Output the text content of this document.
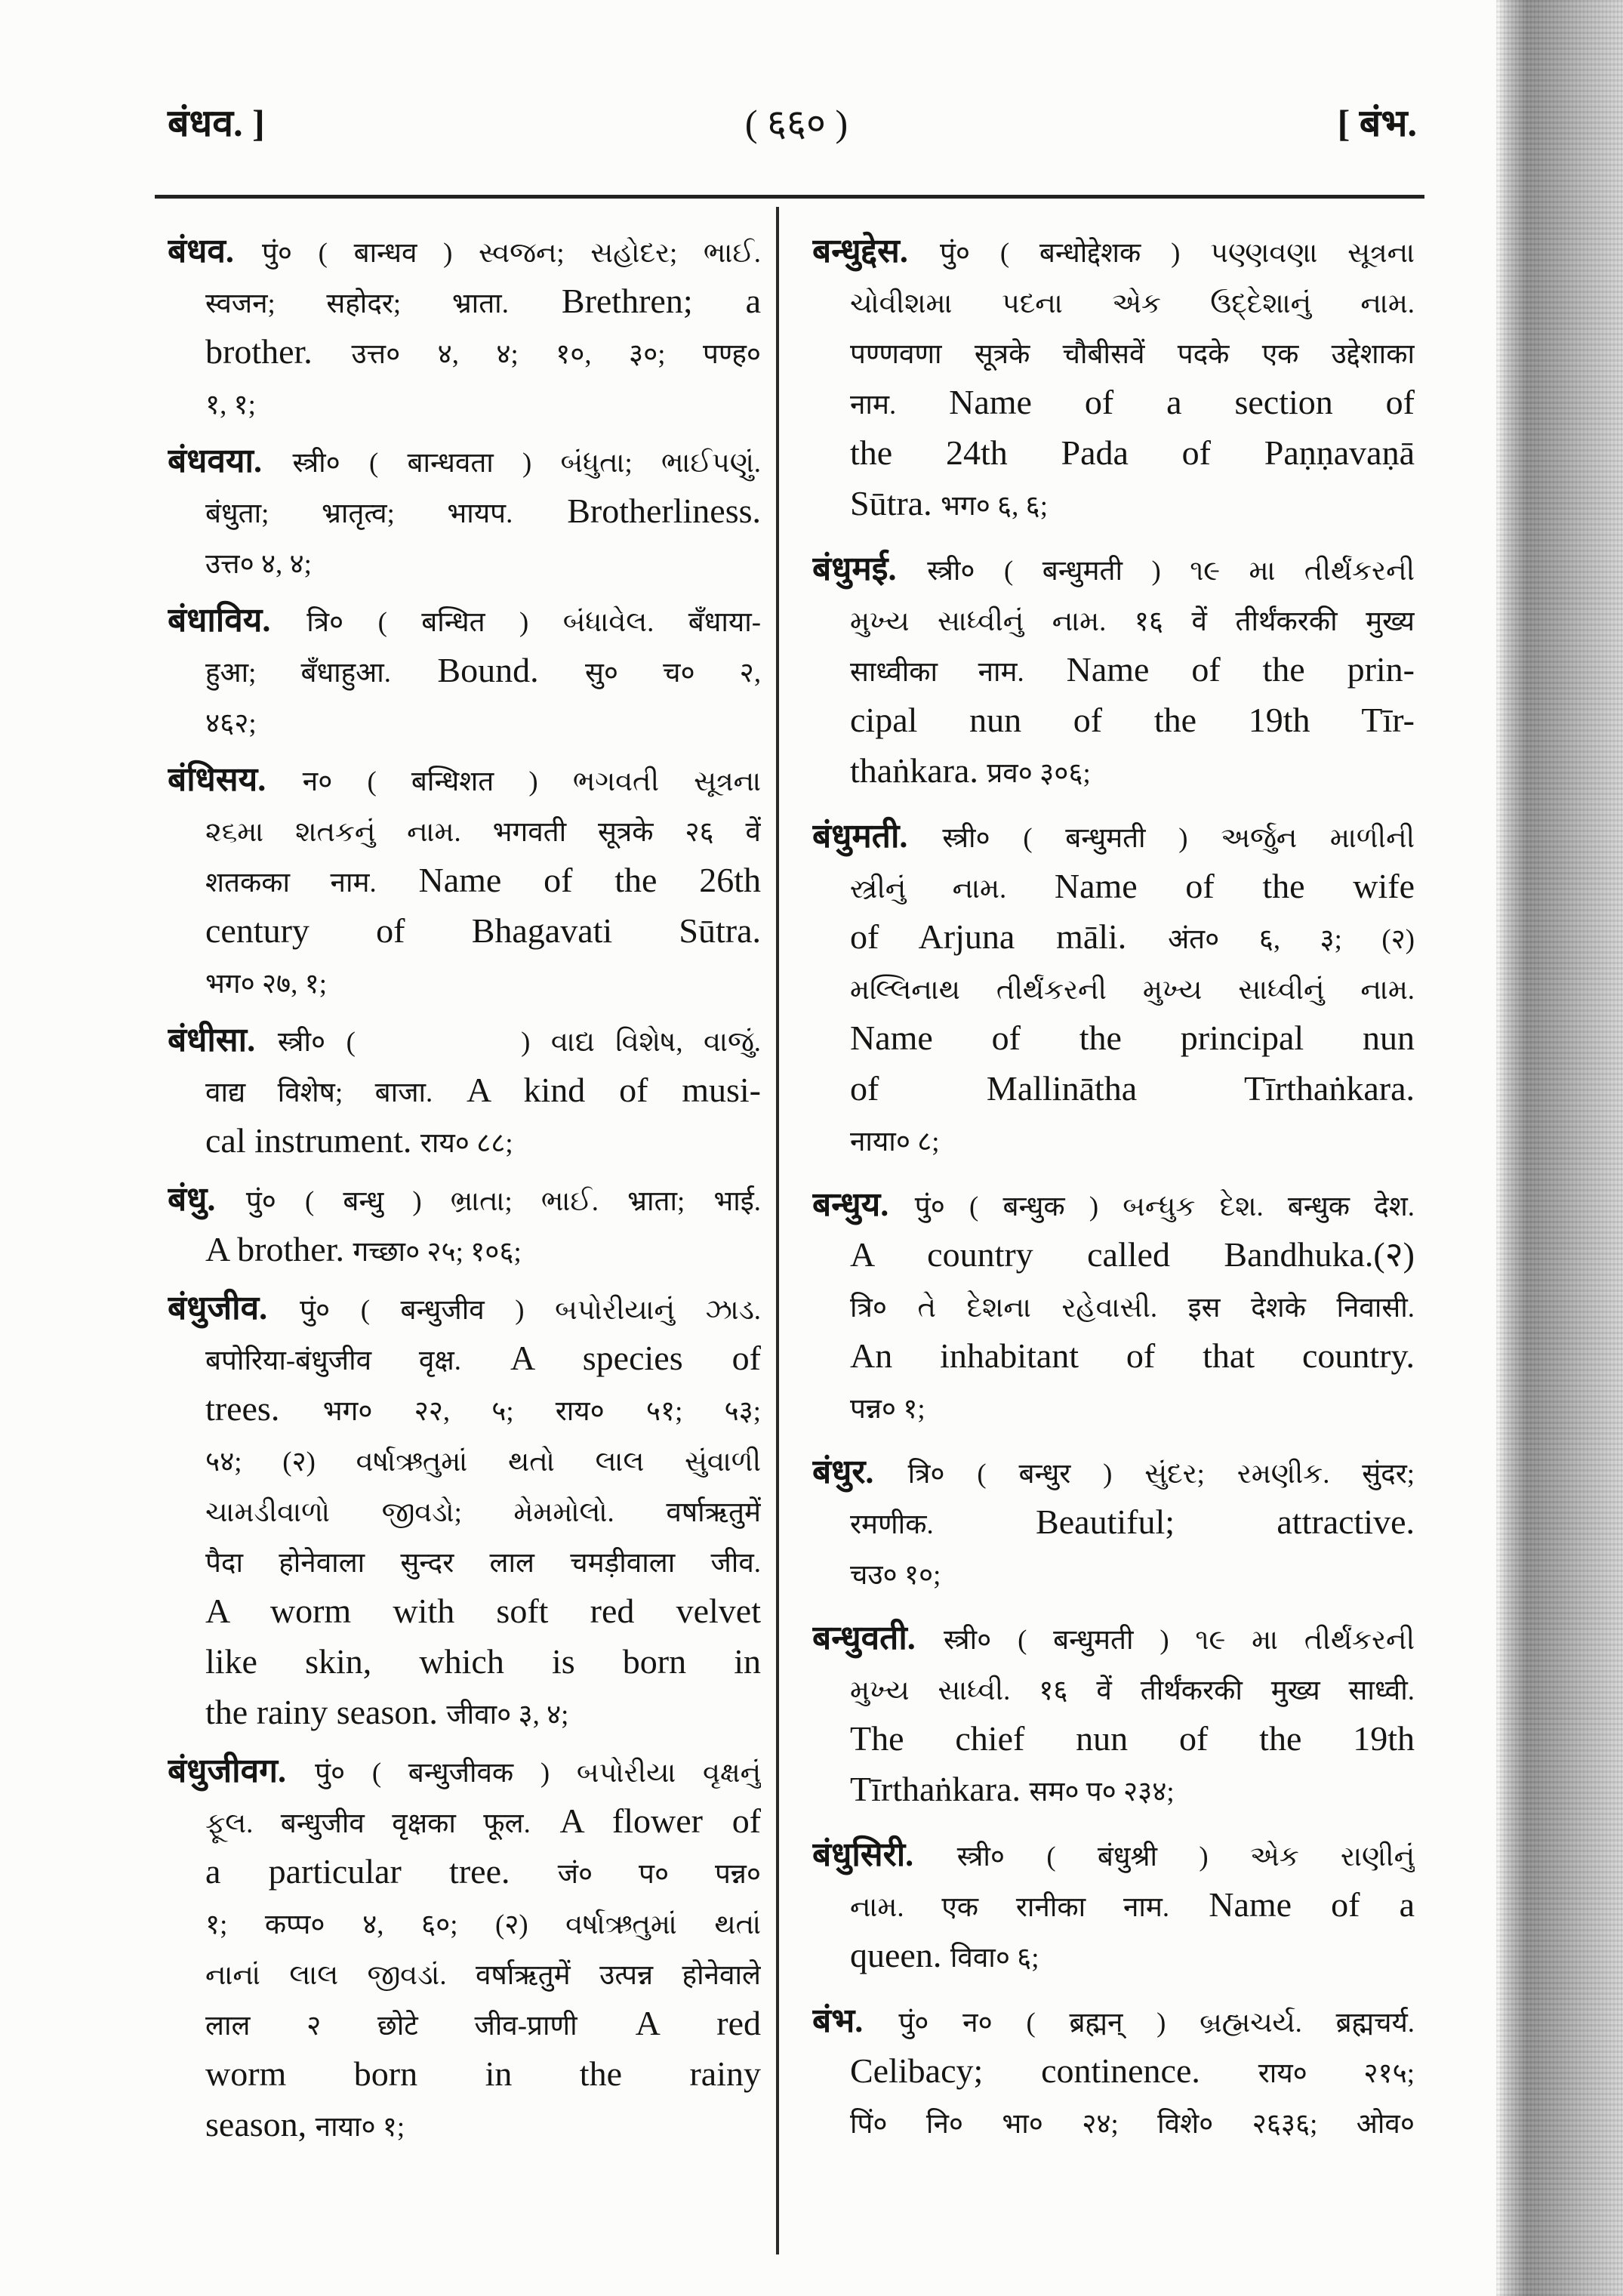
बंधव. ]	( ६६० )	[ बंभ.
बंधव. पुं० ( बान्धव ) સ્વજન; સહોદર; ભાઈ.
स्वजन; सहोदर; भ्राता. Brethren; a
brother. उत्त० ४, ४; १०, ३०; पण्ह०
१, १;
बंधवया. स्त्री० ( बान्धवता ) બંધુતા; ભાઈપણું.
बंधुता; भ्रातृत्व; भायप. Brotherliness.
उत्त० ४, ४;
बंधाविय. त्रि० ( बन्धित ) બંધાવેલ. बँधाया-
हुआ; बँधाहुआ. Bound. सु० च० २,
४६२;
बंधिसय. न० ( बन्धिशत ) ભગવતી સૂત્રના
૨૬મા શતકનું નામ. भगवती सूत्रके २६ वें
शतकका नाम. Name of the 26th
century of Bhagavati Sūtra.
भग० २७, १;
बंधीसा. स्त्री० (        ) વાદ્ય વિશેષ, વાજું.
वाद्य विशेष; बाजा. A kind of musi-
cal instrument. राय० ८८;
बंधु. पुं० ( बन्धु ) ભ્રાતા; ભાઈ. भ्राता; भाई.
A brother. गच्छा० २५; १०६;
बंधुजीव. पुं० ( बन्धुजीव ) બપોરીયાનું ઝાડ.
बपोरिया-बंधुजीव वृक्ष. A species of
trees. भग० २२, ५; राय० ५१; ५३;
५४; (२) વર્ષાઋતુમાં થતો લાલ સુંવાળી
ચામડીવાળો જીવડો; મેમમોલો. वर्षाऋतुमें
पैदा होनेवाला सुन्दर लाल चमड़ीवाला जीव.
A worm with soft red velvet
like skin, which is born in
the rainy season. जीवा० ३, ४;
बंधुजीवग. पुं० ( बन्धुजीवक ) બપોરીયા વૃક્ષનું
ફૂલ. बन्धुजीव वृक्षका फूल. A flower of
a particular tree. जं० प० पन्न०
१; कप्प० ४, ६०; (२) વર્ષાઋતુમાં થતાં
નાનાં લાલ જીવડાં. वर्षाऋतुमें उत्पन्न होनेवाले
लाल २ छोटे जीव-प्राणी A red
worm born in the rainy
season, नाया० १;
बन्धुद्देस. पुं० ( बन्धोद्देशक ) પણ્ણવણા સૂત્રના
ચોવીશમા પદના એક ઉદ્દેશાનું નામ.
पण्णवणा सूत्रके चौबीसवें पदके एक उद्देशाका
नाम. Name of a section of
the 24th Pada of Paṇṇavaṇā
Sūtra. भग० ६, ६;
बंधुमई. स्त्री० ( बन्धुमती ) ૧૯ મા તીર્થંકરની
મુખ્ય સાધ્વીનું નામ. १६ वें तीर्थंकरकी मुख्य
साध्वीका नाम. Name of the prin-
cipal nun of the 19th Tīr-
thaṅkara. प्रव० ३०६;
बंधुमती. स्त्री० ( बन्धुमती ) અર્જુન માળીની
સ્ત્રીનું નામ. Name of the wife
of Arjuna māli. अंत० ६, ३; (२)
મલ્લિનાથ તીર્થંકરની મુખ્ય સાધ્વીનું નામ.
Name of the principal nun
of Mallinātha Tīrthaṅkara.
नाया० ८;
बन्धुय. पुं० ( बन्धुक ) બન્ધુક દેશ. बन्धुक देश.
A country called Bandhuka.(२)
त्रि० તે દેશના રહેવાસી. इस देशके निवासी.
An inhabitant of that country.
पन्न० १;
बंधुर. त्रि० ( बन्धुर ) સુંદર; રમણીક. सुंदर;
रमणीक.	Beautiful; attractive.
चउ० १०;
बन्धुवती. स्त्री० ( बन्धुमती ) ૧૯ મા તીર્થંકરની
મુખ્ય સાધ્વી. १६ वें तीर्थंकरकी मुख्य साध्वी.
The chief nun of the 19th
Tīrthaṅkara. सम० प० २३४;
बंधुसिरी. स्त्री० ( बंधुश्री ) એક રાણીનું
નામ. एक रानीका नाम. Name of a
queen. विवा० ६;
बंभ. पुं० न० ( ब्रह्मन् ) બ્રહ્મચર્ય. ब्रह्मचर्य.
Celibacy; continence. राय० २१५;
पिं० नि० भा० २४; विशे० २६३६; ओव०
